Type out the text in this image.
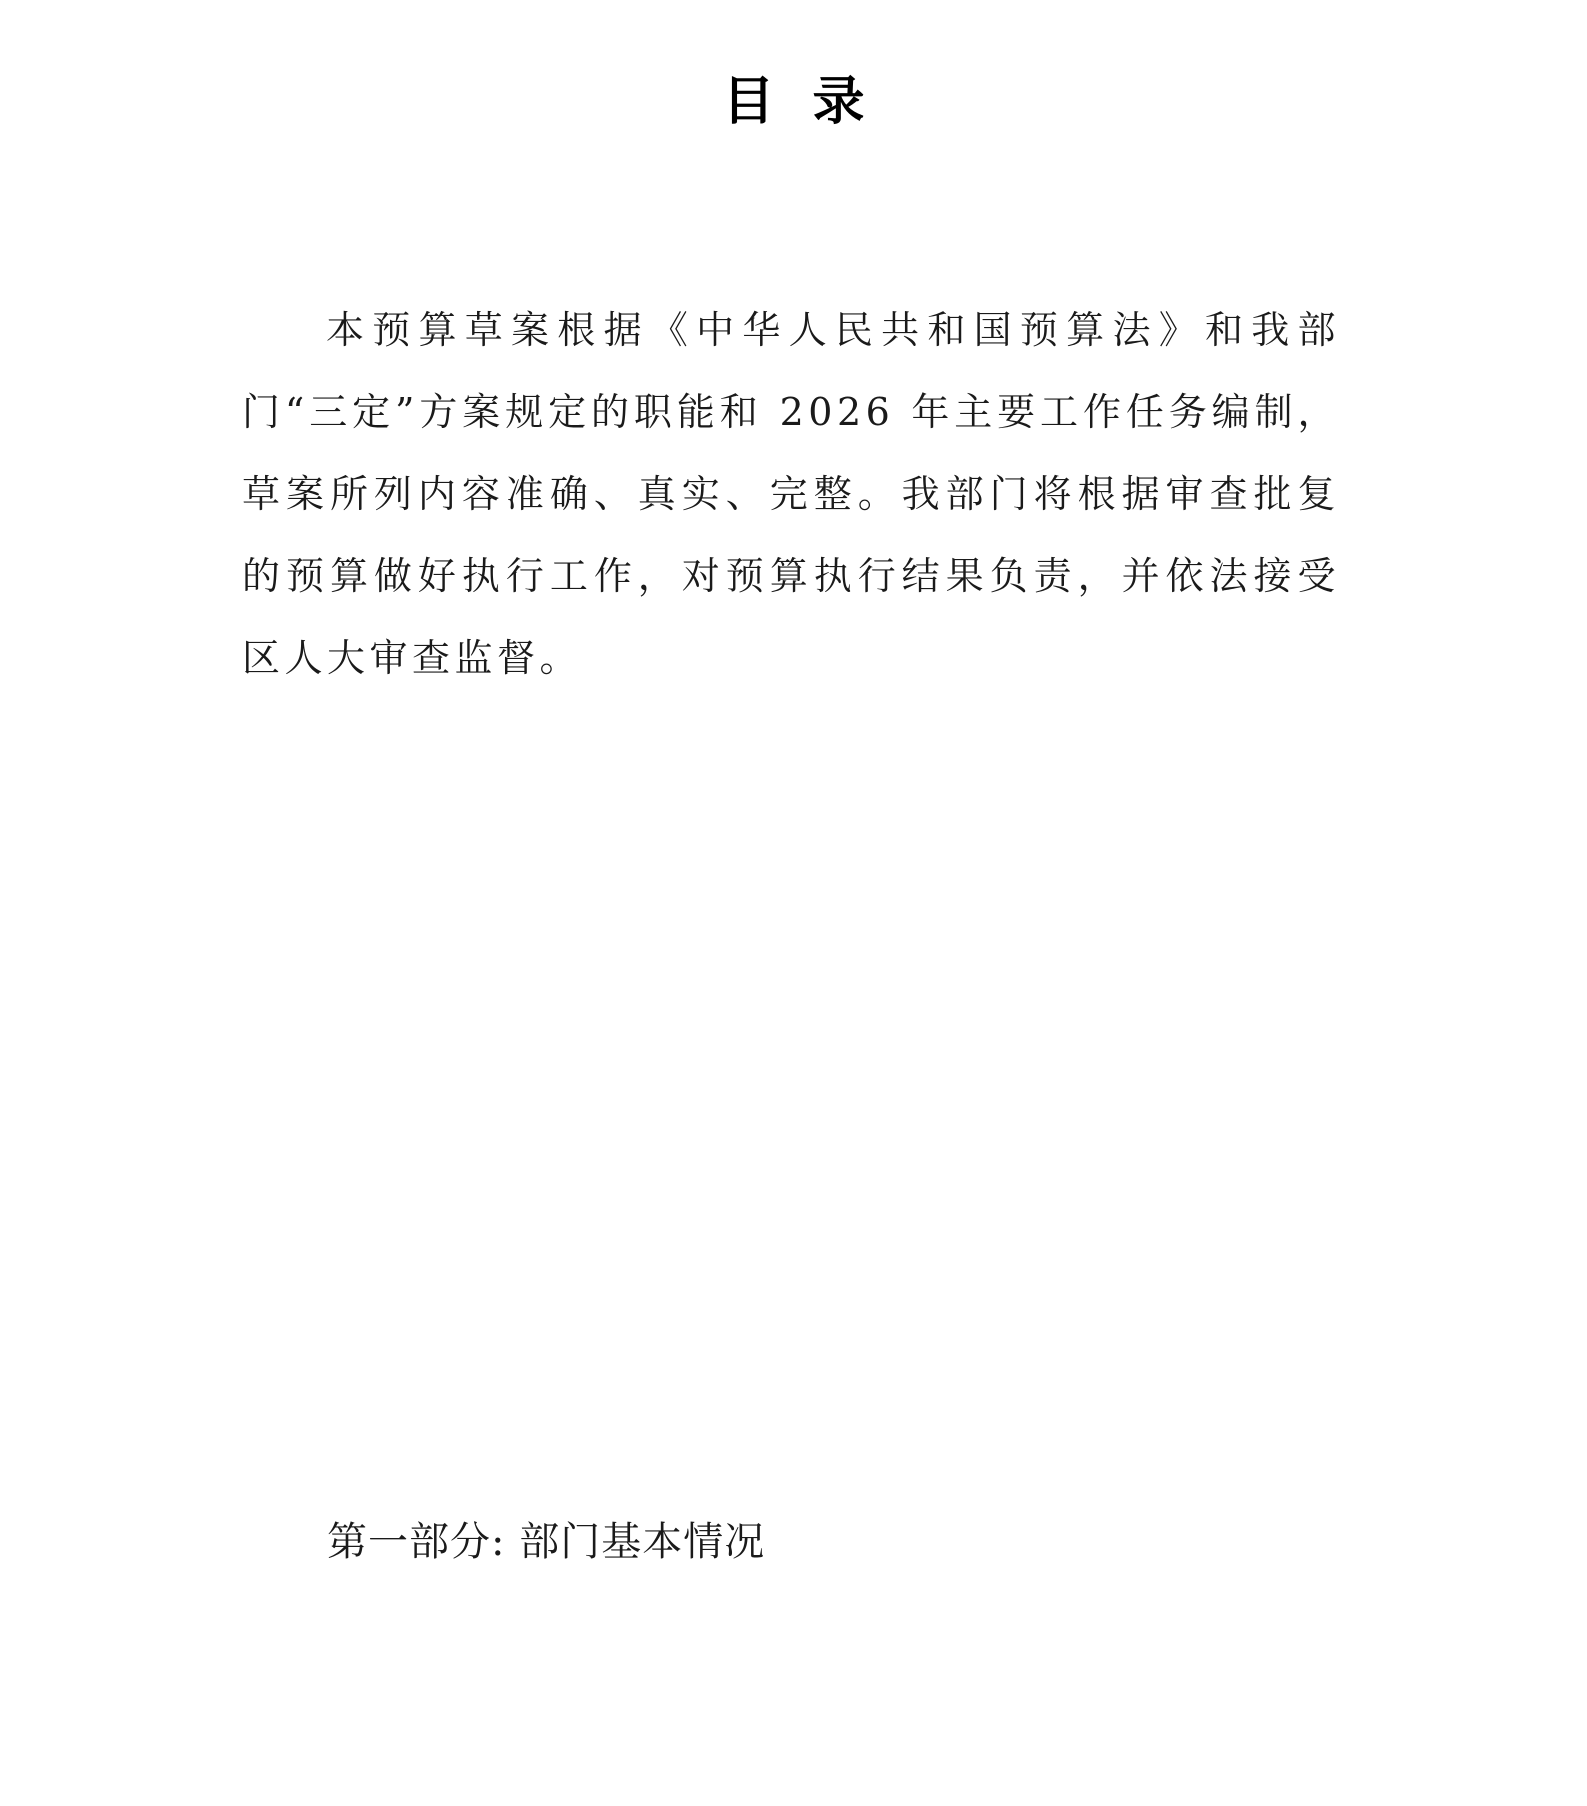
目录

本预算草案根据《中华人民共和国预算法》和我部门“三定”方案规定的职能和 2026 年主要工作任务编制，草案所列内容准确、真实、完整。我部门将根据审查批复的预算做好执行工作，对预算执行结果负责，并依法接受区人大审查监督。

第一部分: 部门基本情况
